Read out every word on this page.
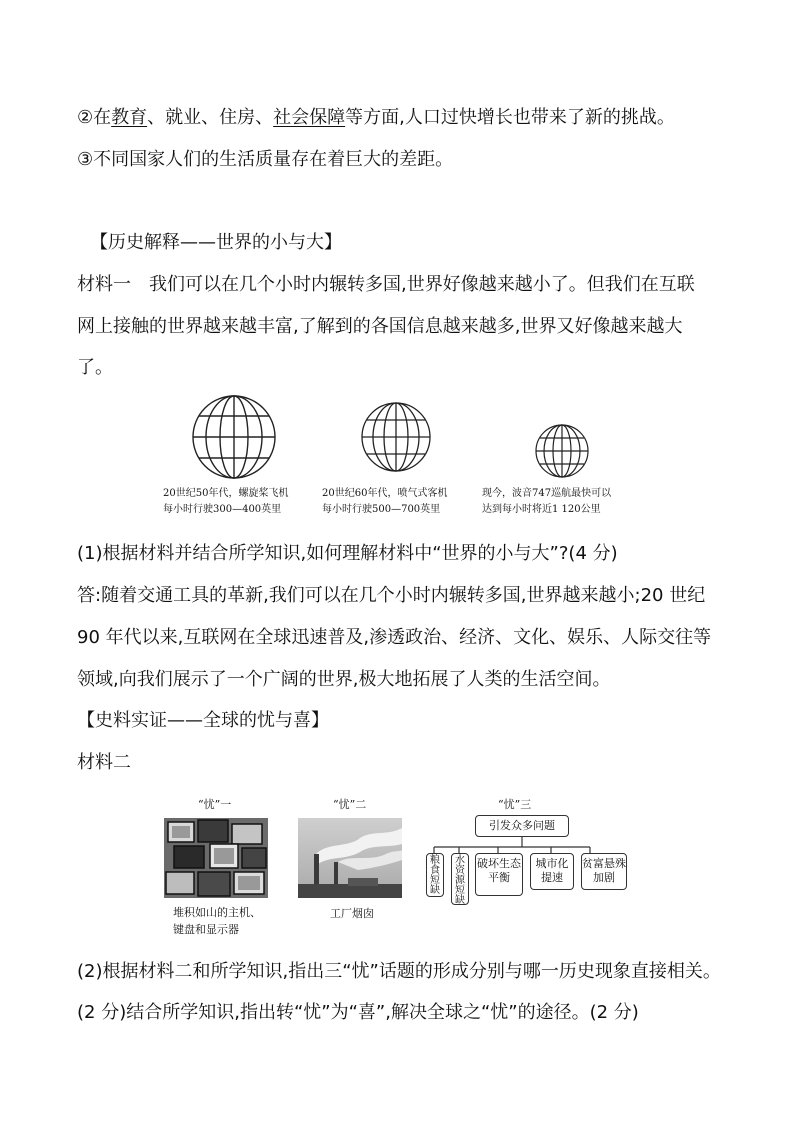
②在教育、就业、住房、社会保障等方面,人口过快增长也带来了新的挑战。
③不同国家人们的生活质量存在着巨大的差距。
【历史解释——世界的小与大】
材料一　我们可以在几个小时内辗转多国,世界好像越来越小了。但我们在互联
网上接触的世界越来越丰富,了解到的各国信息越来越多,世界又好像越来越大
了。
20世纪50年代，螺旋桨飞机
每小时行驶300—400英里
20世纪60年代，喷气式客机
每小时行驶500—700英里
现今，波音747巡航最快可以
达到每小时将近1 120公里
(1)根据材料并结合所学知识,如何理解材料中“世界的小与大”?(4 分)
答:随着交通工具的革新,我们可以在几个小时内辗转多国,世界越来越小;20 世纪
90 年代以来,互联网在全球迅速普及,渗透政治、经济、文化、娱乐、人际交往等
领域,向我们展示了一个广阔的世界,极大地拓展了人类的生活空间。
【史料实证——全球的忧与喜】
材料二
“忧”一
堆积如山的主机、
键盘和显示器
“忧”二
工厂烟囱
“忧”三
引发众多问题
粮食短缺
水资源短缺
破坏生态平衡
城市化提速
贫富悬殊加剧
(2)根据材料二和所学知识,指出三“忧”话题的形成分别与哪一历史现象直接相关。
(2 分)结合所学知识,指出转“忧”为“喜”,解决全球之“忧”的途径。(2 分)
